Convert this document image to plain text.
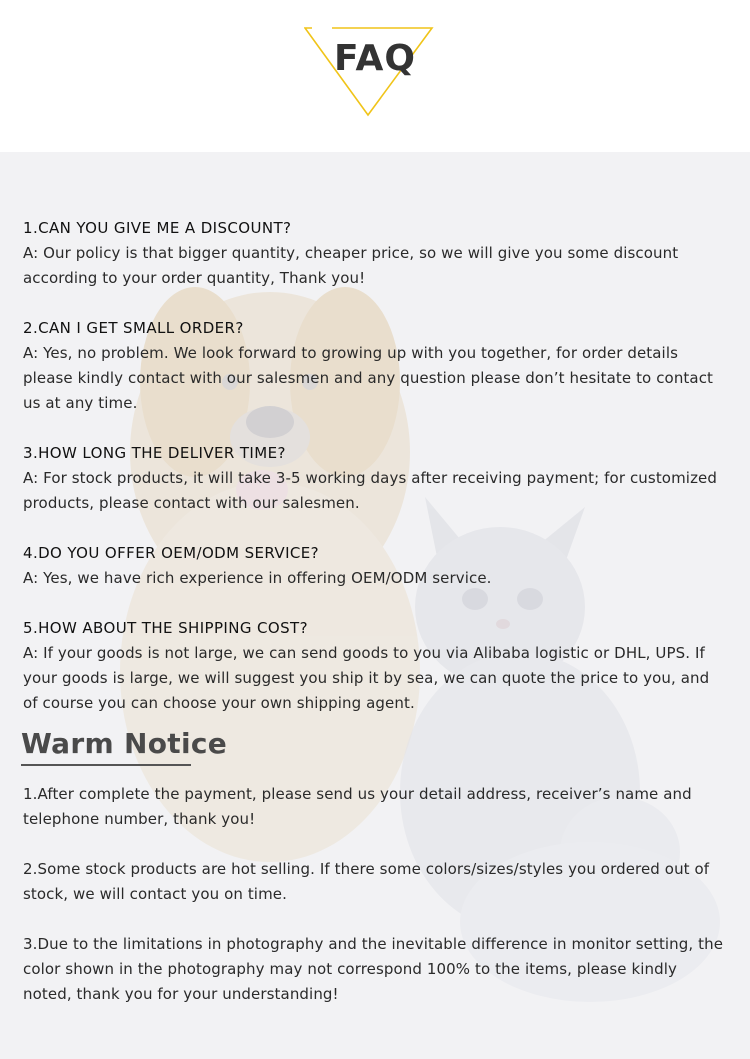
FAQ

1.CAN YOU GIVE ME A DISCOUNT?

A: Our policy is that bigger quantity, cheaper price, so we will give you some discount according to your order quantity, Thank you!

2.CAN I GET SMALL ORDER?

A: Yes, no problem. We look forward to growing up with you together, for order details please kindly contact with our salesmen and any question please don’t hesitate to contact us at any time.

3.HOW LONG THE DELIVER TIME?

A: For stock products, it will take 3-5 working days after receiving payment; for customized products, please contact with our salesmen.

4.DO YOU OFFER OEM/ODM SERVICE?

A: Yes, we have rich experience in offering OEM/ODM service.

5.HOW ABOUT THE SHIPPING COST?

A: If your goods is not large, we can send goods to you via Alibaba logistic or DHL, UPS. If your goods is large, we will suggest you ship it by sea, we can quote the price to you, and of course you can choose your own shipping agent.

Warm Notice

1.After complete the payment, please send us your detail address, receiver’s name and telephone number, thank you!

2.Some stock products are hot selling. If there some colors/sizes/styles you ordered out of stock, we will contact you on time.

3.Due to the limitations in photography and the inevitable difference in monitor setting, the color shown in the photography may not correspond 100% to the items, please kindly noted, thank you for your understanding!
